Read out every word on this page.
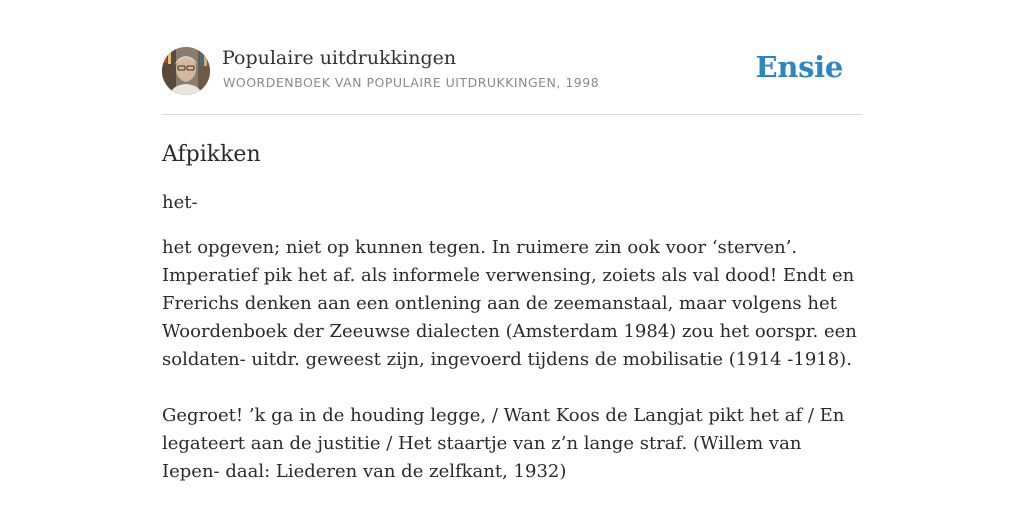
Populaire uitdrukkingen
WOORDENBOEK VAN POPULAIRE UITDRUKKINGEN, 1998	Ensie
Afpikken

het-

het opgeven; niet op kunnen tegen. In ruimere zin ook voor ‘sterven’. Imperatief pik het af. als informele verwensing, zoiets als val dood! Endt en Frerichs denken aan een ontlening aan de zeemanstaal, maar volgens het Woordenboek der Zeeuwse dialecten (Amsterdam 1984) zou het oorspr. een soldaten- uitdr. geweest zijn, ingevoerd tijdens de mobilisatie (1914 -1918).

Gegroet! ’k ga in de houding legge, / Want Koos de Langjat pikt het af / En legateert aan de justitie / Het staartje van z’n lange straf. (Willem van Iepen- daal: Liederen van de zelfkant, 1932)
